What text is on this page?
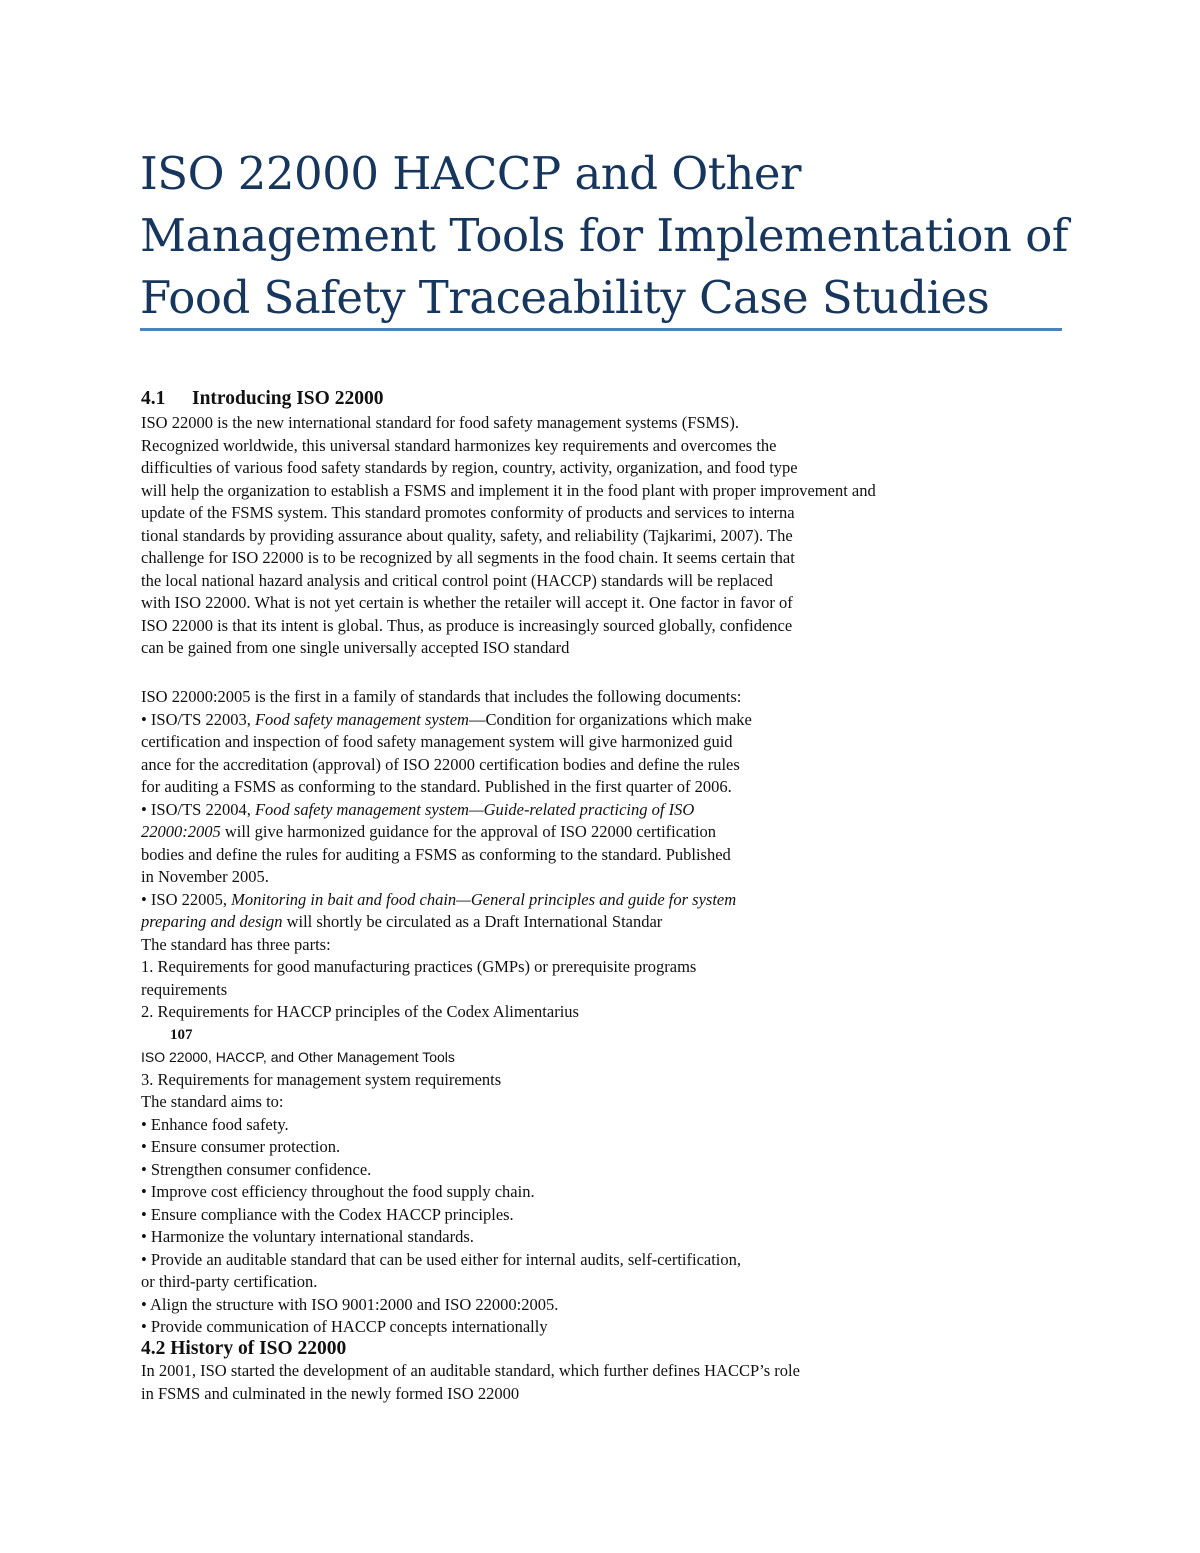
ISO 22000 HACCP and Other Management Tools for Implementation of Food Safety Traceability Case Studies
4.1 Introducing ISO 22000
ISO 22000 is the new international standard for food safety management systems (FSMS).
Recognized worldwide, this universal standard harmonizes key requirements and overcomes the
difficulties of various food safety standards by region, country, activity, organization, and food type
will help the organization to establish a FSMS and implement it in the food plant with proper improvement and
update of the FSMS system. This standard promotes conformity of products and services to interna
tional standards by providing assurance about quality, safety, and reliability (Tajkarimi, 2007). The
challenge for ISO 22000 is to be recognized by all segments in the food chain. It seems certain that
the local national hazard analysis and critical control point (HACCP) standards will be replaced
with ISO 22000. What is not yet certain is whether the retailer will accept it. One factor in favor of
ISO 22000 is that its intent is global. Thus, as produce is increasingly sourced globally, confidence
can be gained from one single universally accepted ISO standard
ISO 22000:2005 is the first in a family of standards that includes the following documents:
• ISO/TS 22003, Food safety management system—Condition for organizations which make
certification and inspection of food safety management system will give harmonized guid
ance for the accreditation (approval) of ISO 22000 certification bodies and define the rules
for auditing a FSMS as conforming to the standard. Published in the first quarter of 2006.
• ISO/TS 22004, Food safety management system—Guide-related practicing of ISO
22000:2005 will give harmonized guidance for the approval of ISO 22000 certification
bodies and define the rules for auditing a FSMS as conforming to the standard. Published
in November 2005.
• ISO 22005, Monitoring in bait and food chain—General principles and guide for system
preparing and design will shortly be circulated as a Draft International Standar
The standard has three parts:
1. Requirements for good manufacturing practices (GMPs) or prerequisite programs
requirements
2. Requirements for HACCP principles of the Codex Alimentarius
107
ISO 22000, HACCP, and Other Management Tools
3. Requirements for management system requirements
The standard aims to:
• Enhance food safety.
• Ensure consumer protection.
• Strengthen consumer confidence.
• Improve cost efficiency throughout the food supply chain.
• Ensure compliance with the Codex HACCP principles.
• Harmonize the voluntary international standards.
• Provide an auditable standard that can be used either for internal audits, self-certification,
or third-party certification.
• Align the structure with ISO 9001:2000 and ISO 22000:2005.
• Provide communication of HACCP concepts internationally
4.2 History of ISO 22000
In 2001, ISO started the development of an auditable standard, which further defines HACCP’s role
in FSMS and culminated in the newly formed ISO 22000
